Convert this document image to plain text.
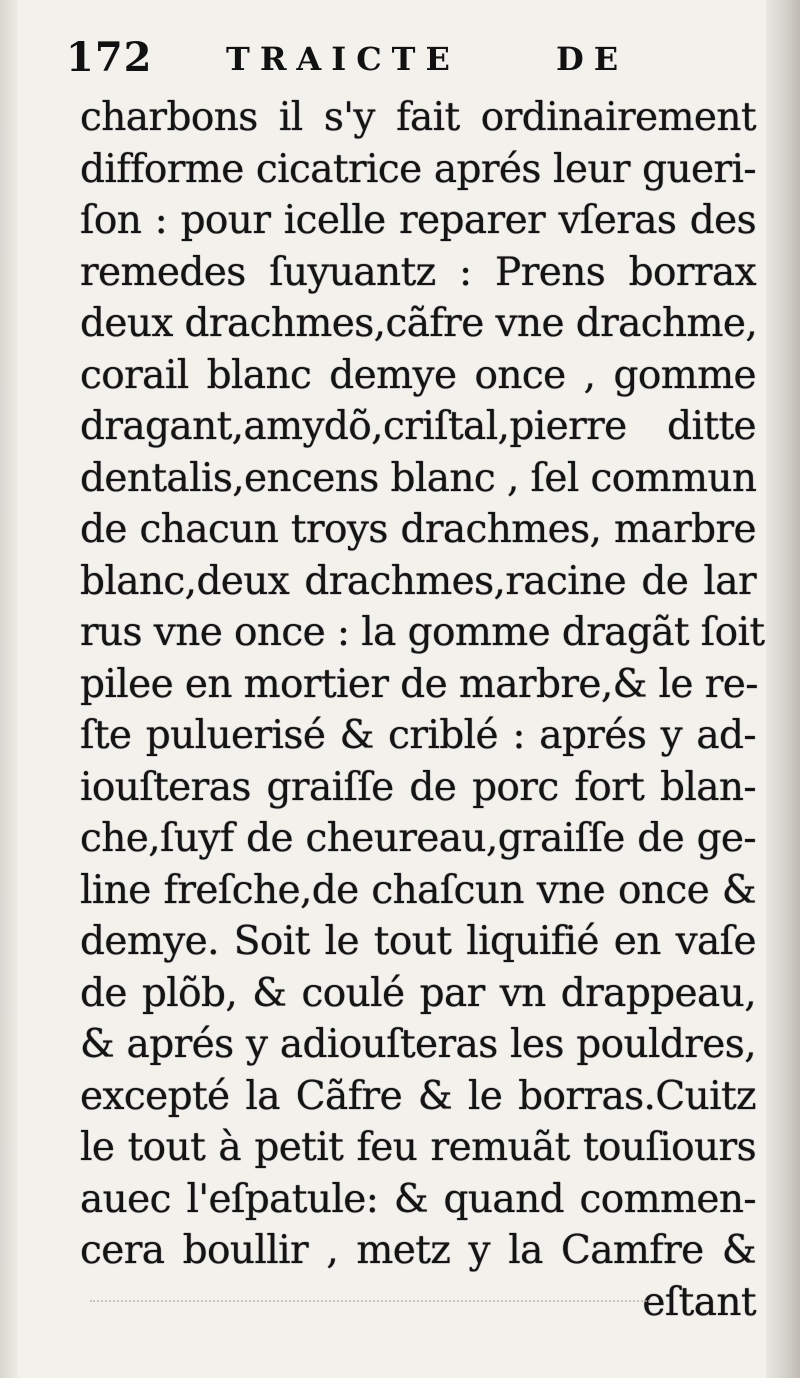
172 TRAICTE	DE
charbons il s'y fait ordinairement
difforme cicatrice aprés leur gueri-
ſon : pour icelle reparer vſeras des
remedes ſuyuantz : Prens borrax
deux drachmes,cãfre vne drachme,
corail blanc demye once , gomme
dragant,amydõ,criſtal,pierre ditte
dentalis,encens blanc , ſel commun
de chacun troys drachmes, marbre
blanc,deux drachmes,racine de lar
rus vne once : la gomme dragãt ſoit
pilee en mortier de marbre,& le re-
ſte puluerisé & criblé : aprés y ad-
iouſteras graiſſe de porc fort blan-
che,ſuyf de cheureau,graiſſe de ge-
line freſche,de chaſcun vne once &
demye. Soit le tout liquifié en vaſe
de plõb, & coulé par vn drappeau,
& aprés y adiouſteras les pouldres,
excepté la Cãfre & le borras.Cuitz
le tout à petit feu remuãt touſiours
auec l'eſpatule: & quand commen-
cera boullir , metz y la Camfre &
eſtant
